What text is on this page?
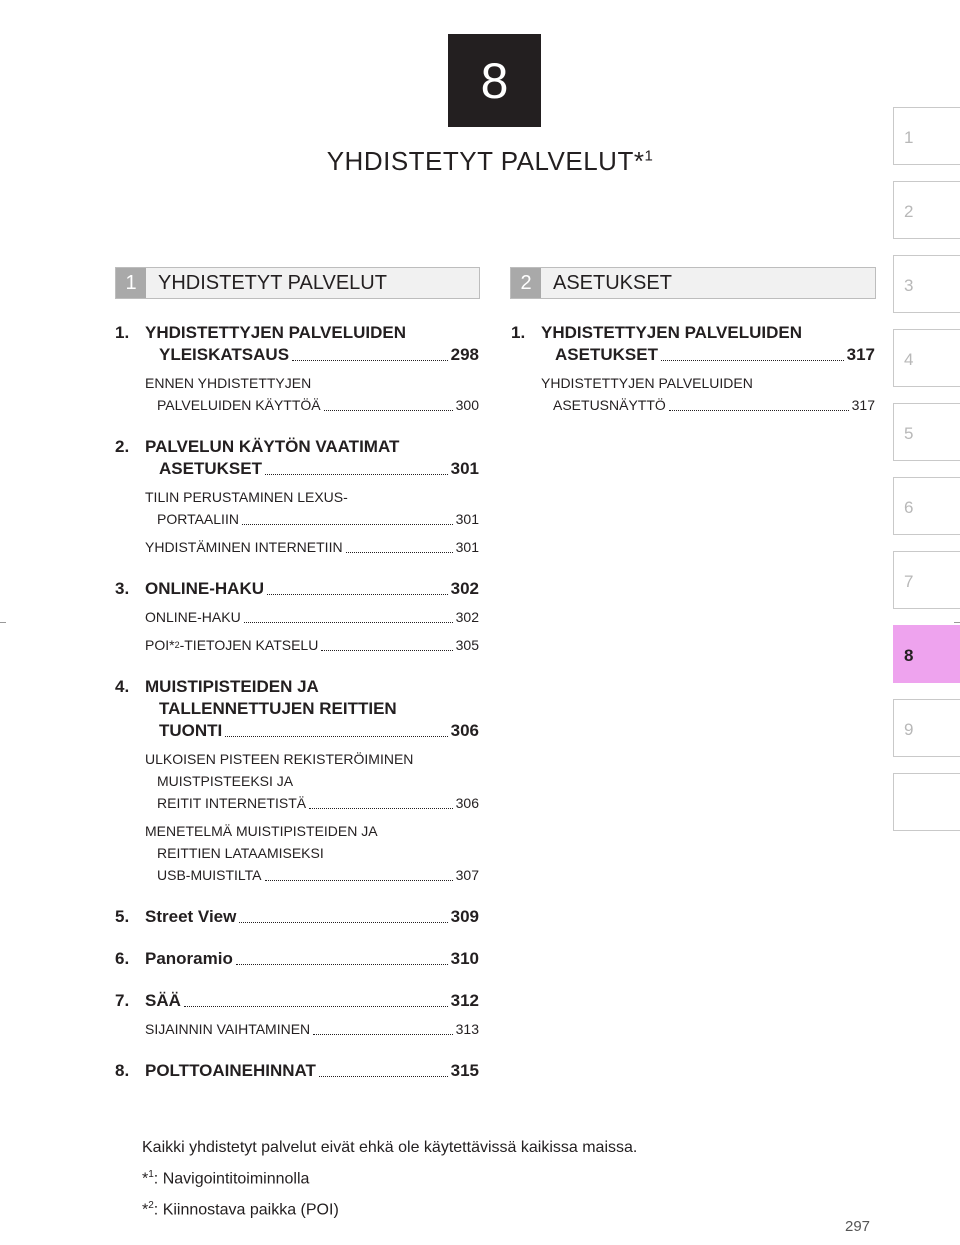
8
YHDISTETYT PALVELUT*$^1$
1
2
3
4
5
6
7
8
9
1	YHDISTETYT PALVELUT	2	ASETUKSET
1. YHDISTETTYJEN PALVELUIDEN
YLEISKATSAUS	298
ENNEN YHDISTETTYJEN
PALVELUIDEN KÄYTTÖÄ	300
2. PALVELUN KÄYTÖN VAATIMAT
ASETUKSET	301
TILIN PERUSTAMINEN LEXUS-
PORTAALIIN	301
YHDISTÄMINEN INTERNETIIN	301
3. ONLINE-HAKU	302
ONLINE-HAKU	302
POI* 2 -TIETOJEN KATSELU	305
4. MUISTIPISTEIDEN JA
TALLENNETTUJEN REITTIEN
TUONTI	306
ULKOISEN PISTEEN REKISTERÖIMINEN
MUISTPISTEEKSI JA
REITIT INTERNETISTÄ	306
MENETELMÄ MUISTIPISTEIDEN JA
REITTIEN LATAAMISEKSI
USB-MUISTILTA	307
5. Street View	309
6. Panoramio	310
7. SÄÄ	312
SIJAINNIN VAIHTAMINEN	313
8. POLTTOAINEHINNAT	315
1. YHDISTETTYJEN PALVELUIDEN
ASETUKSET	317
YHDISTETTYJEN PALVELUIDEN
ASETUSNÄYTTÖ	317
Kaikki yhdistetyt palvelut eivät ehkä ole käytettävissä kaikissa maissa.
*$^1$: Navigointitoiminnolla
*$^2$: Kiinnostava paikka (POI)
297
